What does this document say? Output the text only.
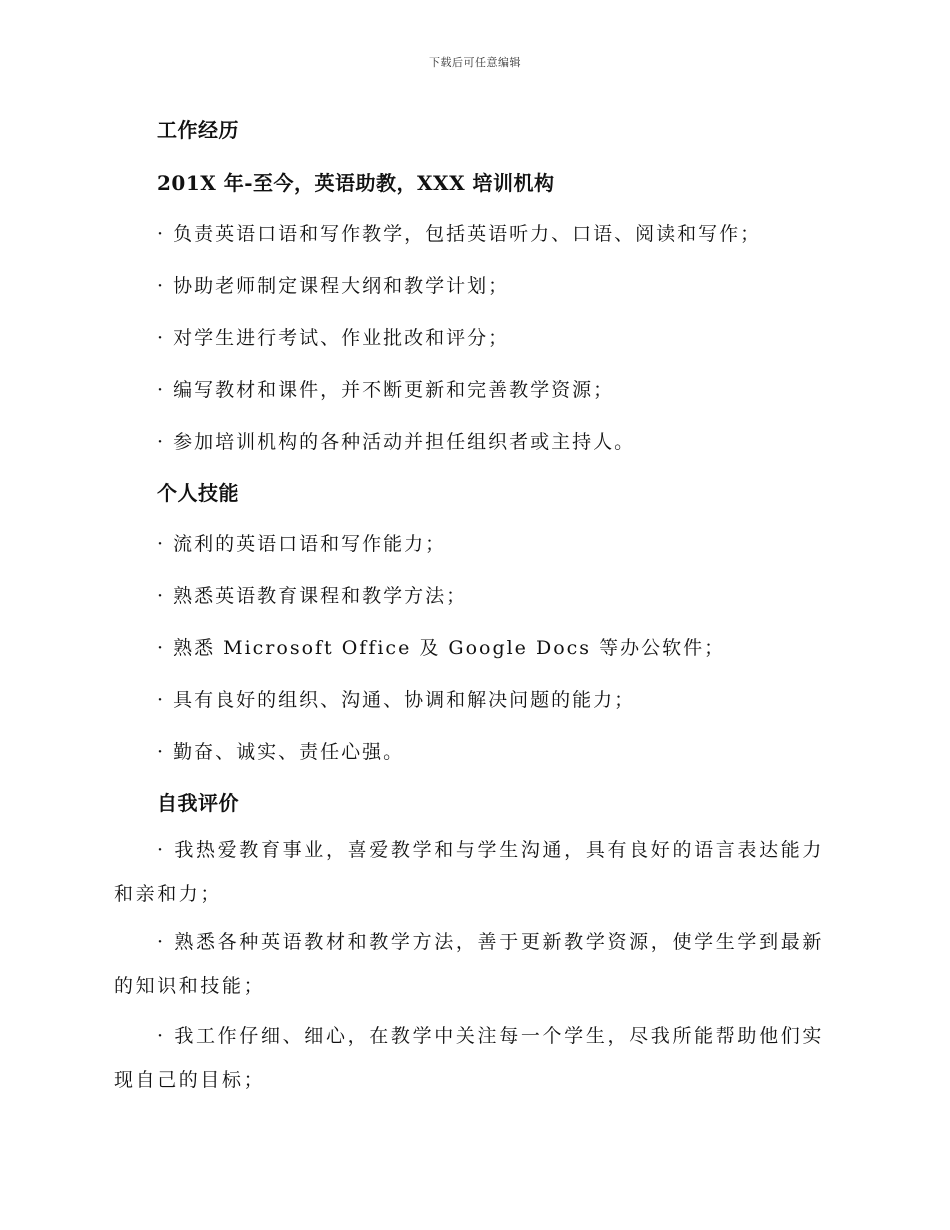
下载后可任意编辑
工作经历
201X 年-至今，英语助教，XXX 培训机构
· 负责英语口语和写作教学，包括英语听力、口语、阅读和写作；
· 协助老师制定课程大纲和教学计划；
· 对学生进行考试、作业批改和评分；
· 编写教材和课件，并不断更新和完善教学资源；
· 参加培训机构的各种活动并担任组织者或主持人。
个人技能
· 流利的英语口语和写作能力；
· 熟悉英语教育课程和教学方法；
· 熟悉 Microsoft Office 及 Google Docs 等办公软件；
· 具有良好的组织、沟通、协调和解决问题的能力；
· 勤奋、诚实、责任心强。
自我评价
· 我热爱教育事业，喜爱教学和与学生沟通，具有良好的语言表达能力和亲和力；
· 熟悉各种英语教材和教学方法，善于更新教学资源，使学生学到最新的知识和技能；
· 我工作仔细、细心，在教学中关注每一个学生，尽我所能帮助他们实现自己的目标；
